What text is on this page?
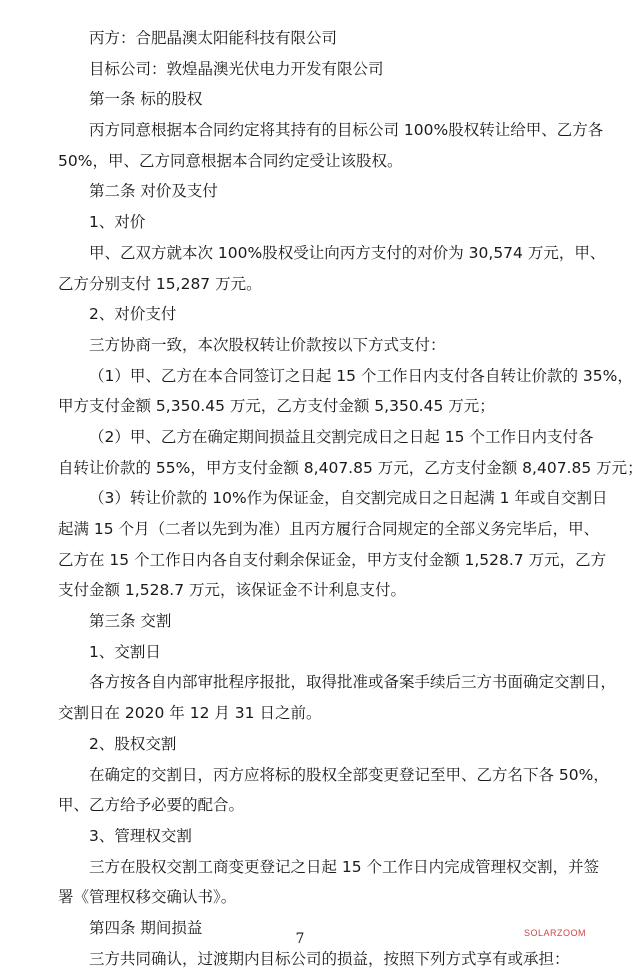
丙方：合肥晶澳太阳能科技有限公司
目标公司：敦煌晶澳光伏电力开发有限公司
第一条 标的股权
丙方同意根据本合同约定将其持有的目标公司 100%股权转让给甲、乙方各
50%，甲、乙方同意根据本合同约定受让该股权。
第二条 对价及支付
1、对价
甲、乙双方就本次 100%股权受让向丙方支付的对价为 30,574 万元，甲、
乙方分别支付 15,287 万元。
2、对价支付
三方协商一致，本次股权转让价款按以下方式支付：
（1）甲、乙方在本合同签订之日起 15 个工作日内支付各自转让价款的 35%，
甲方支付金额 5,350.45 万元，乙方支付金额 5,350.45 万元；
（2）甲、乙方在确定期间损益且交割完成日之日起 15 个工作日内支付各
自转让价款的 55%，甲方支付金额 8,407.85 万元，乙方支付金额 8,407.85 万元；
（3）转让价款的 10%作为保证金，自交割完成日之日起满 1 年或自交割日
起满 15 个月（二者以先到为准）且丙方履行合同规定的全部义务完毕后，甲、
乙方在 15 个工作日内各自支付剩余保证金，甲方支付金额 1,528.7 万元，乙方
支付金额 1,528.7 万元，该保证金不计利息支付。
第三条 交割
1、交割日
各方按各自内部审批程序报批，取得批准或备案手续后三方书面确定交割日，
交割日在 2020 年 12 月 31 日之前。
2、股权交割
在确定的交割日，丙方应将标的股权全部变更登记至甲、乙方名下各 50%，
甲、乙方给予必要的配合。
3、管理权交割
三方在股权交割工商变更登记之日起 15 个工作日内完成管理权交割，并签
署《管理权移交确认书》。
第四条 期间损益
三方共同确认，过渡期内目标公司的损益，按照下列方式享有或承担：
7	SOLARZOOM
